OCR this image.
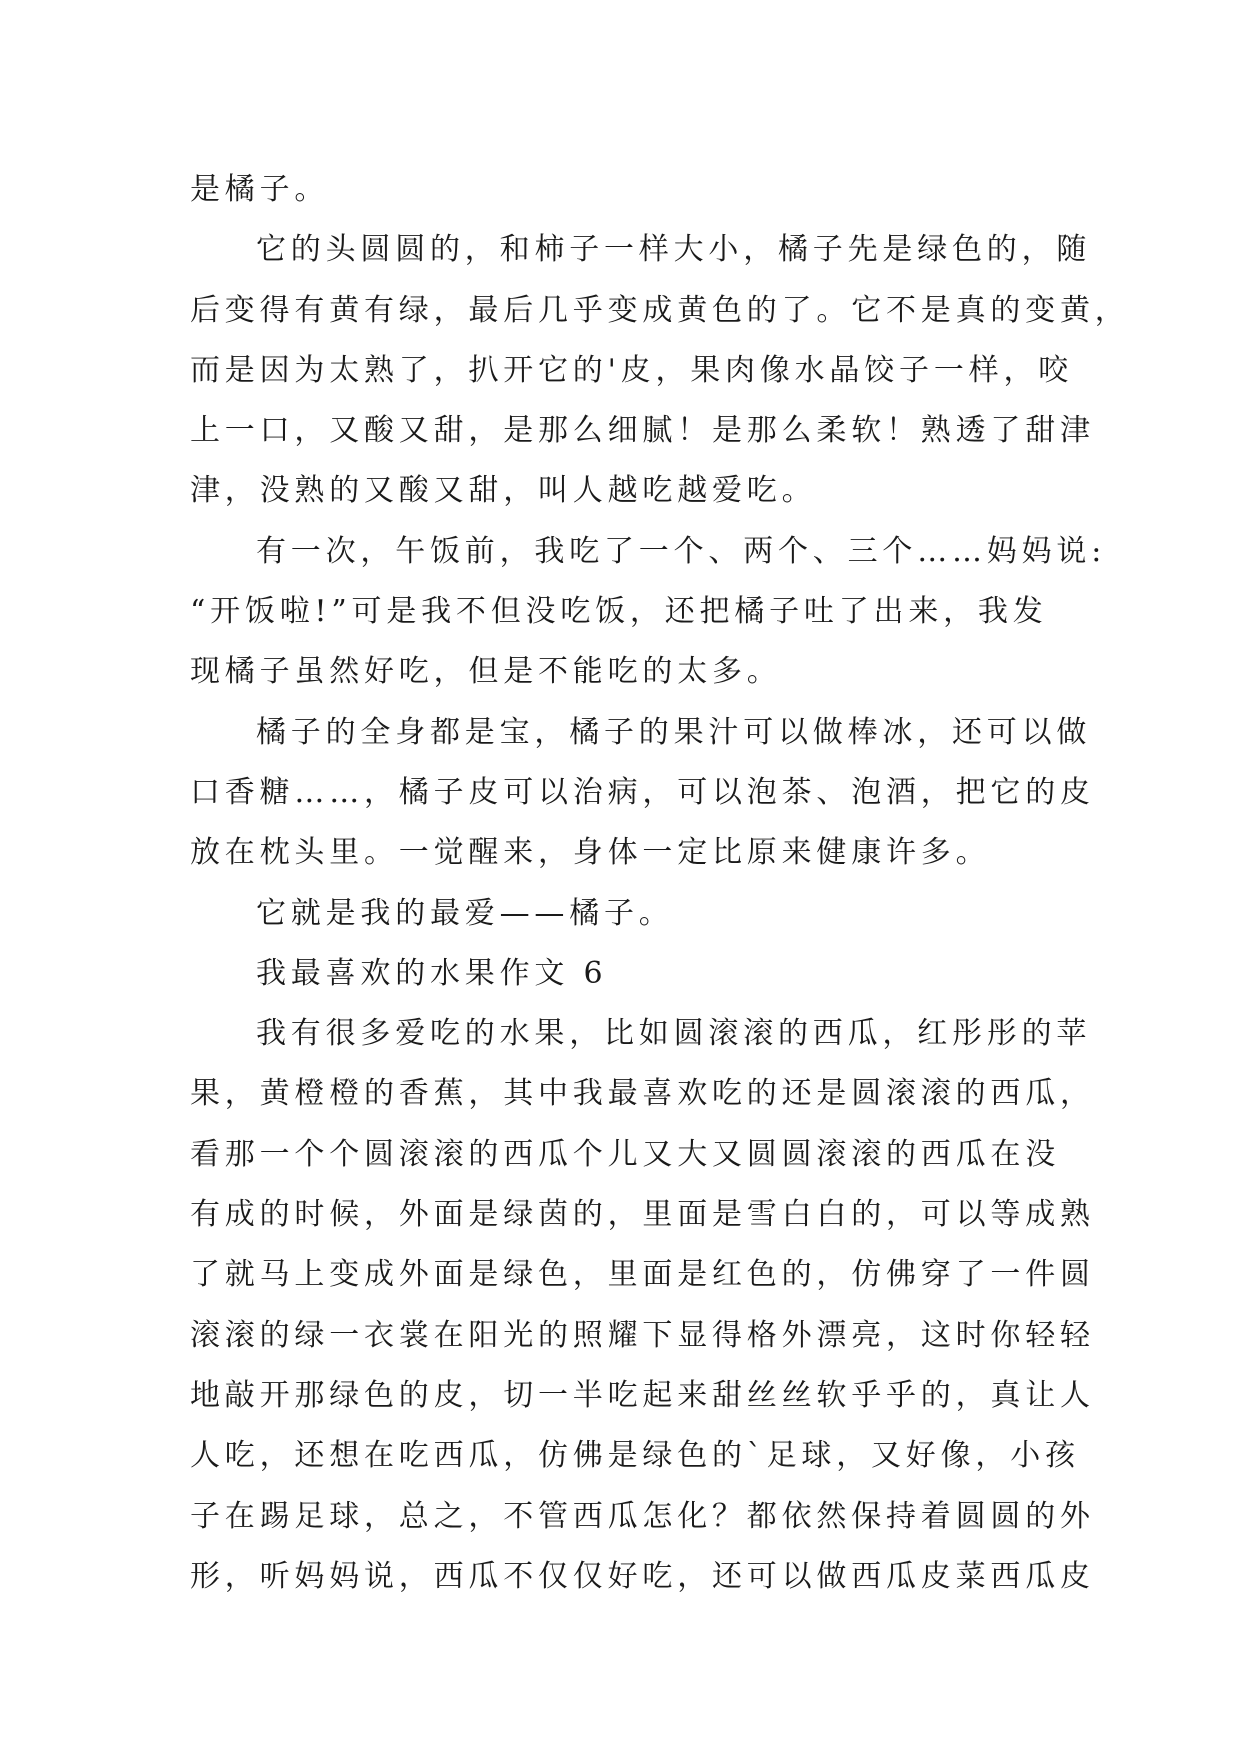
是橘子。
它的头圆圆的，和柿子一样大小，橘子先是绿色的，随
后变得有黄有绿，最后几乎变成黄色的了。它不是真的变黄，
而是因为太熟了，扒开它的'皮，果肉像水晶饺子一样，咬
上一口，又酸又甜，是那么细腻！是那么柔软！熟透了甜津
津，没熟的又酸又甜，叫人越吃越爱吃。
有一次，午饭前，我吃了一个、两个、三个……妈妈说:
“开饭啦!”可是我不但没吃饭，还把橘子吐了出来，我发
现橘子虽然好吃，但是不能吃的太多。
橘子的全身都是宝，橘子的果汁可以做棒冰，还可以做
口香糖……，橘子皮可以治病，可以泡茶、泡酒，把它的皮
放在枕头里。一觉醒来，身体一定比原来健康许多。
它就是我的最爱——橘子。
我最喜欢的水果作文 6
我有很多爱吃的水果，比如圆滚滚的西瓜，红彤彤的苹
果，黄橙橙的香蕉，其中我最喜欢吃的还是圆滚滚的西瓜，
看那一个个圆滚滚的西瓜个儿又大又圆圆滚滚的西瓜在没
有成的时候，外面是绿茵的，里面是雪白白的，可以等成熟
了就马上变成外面是绿色，里面是红色的，仿佛穿了一件圆
滚滚的绿一衣裳在阳光的照耀下显得格外漂亮，这时你轻轻
地敲开那绿色的皮，切一半吃起来甜丝丝软乎乎的，真让人
人吃，还想在吃西瓜，仿佛是绿色的`足球，又好像，小孩
子在踢足球，总之，不管西瓜怎化？都依然保持着圆圆的外
形，听妈妈说，西瓜不仅仅好吃，还可以做西瓜皮菜西瓜皮
